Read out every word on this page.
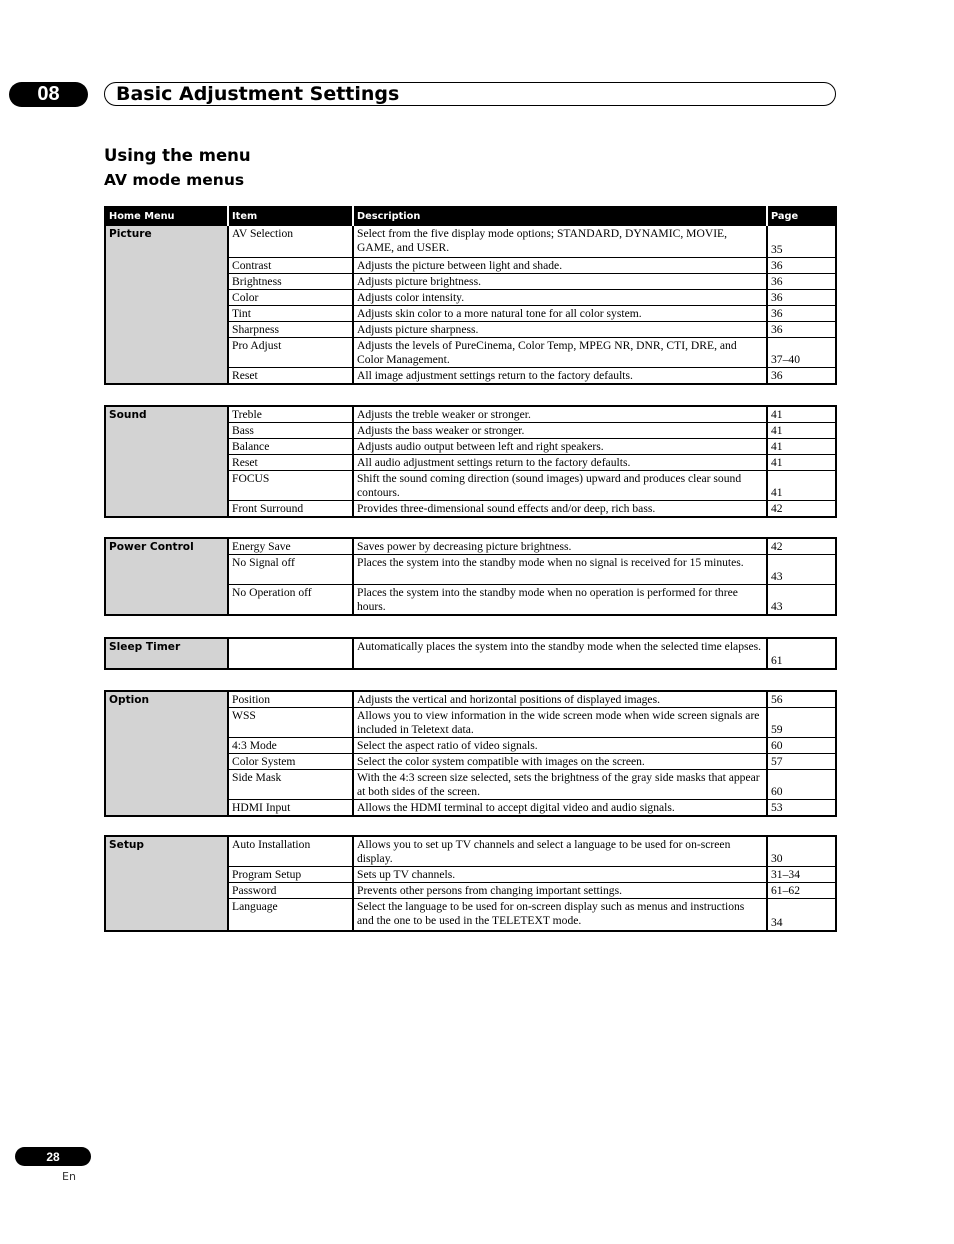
08	Basic Adjustment Settings
Using the menu
AV mode menus
Home Menu	Item	Description	Page
Picture	AV Selection	Select from the five display mode options; STANDARD, DYNAMIC, MOVIE, GAME, and USER.	35
	Contrast	Adjusts the picture between light and shade.	36
	Brightness	Adjusts picture brightness.	36
	Color	Adjusts color intensity.	36
	Tint	Adjusts skin color to a more natural tone for all color system.	36
	Sharpness	Adjusts picture sharpness.	36
	Pro Adjust	Adjusts the levels of PureCinema, Color Temp, MPEG NR, DNR, CTI, DRE, and Color Management.	37–40
	Reset	All image adjustment settings return to the factory defaults.	36
Sound	Treble	Adjusts the treble weaker or stronger.	41
	Bass	Adjusts the bass weaker or stronger.	41
	Balance	Adjusts audio output between left and right speakers.	41
	Reset	All audio adjustment settings return to the factory defaults.	41
	FOCUS	Shift the sound coming direction (sound images) upward and produces clear sound contours.	41
	Front Surround	Provides three-dimensional sound effects and/or deep, rich bass.	42
Power Control	Energy Save	Saves power by decreasing picture brightness.	42
	No Signal off	Places the system into the standby mode when no signal is received for 15 minutes.	43
	No Operation off	Places the system into the standby mode when no operation is performed for three hours.	43
Sleep Timer		Automatically places the system into the standby mode when the selected time elapses.	61
Option	Position	Adjusts the vertical and horizontal positions of displayed images.	56
	WSS	Allows you to view information in the wide screen mode when wide screen signals are included in Teletext data.	59
	4:3 Mode	Select the aspect ratio of video signals.	60
	Color System	Select the color system compatible with images on the screen.	57
	Side Mask	With the 4:3 screen size selected, sets the brightness of the gray side masks that appear at both sides of the screen.	60
	HDMI Input	Allows the HDMI terminal to accept digital video and audio signals.	53
Setup	Auto Installation	Allows you to set up TV channels and select a language to be used for on-screen display.	30
	Program Setup	Sets up TV channels.	31–34
	Password	Prevents other persons from changing important settings.	61–62
	Language	Select the language to be used for on-screen display such as menus and instructions and the one to be used in the TELETEXT mode.	34
28
En
